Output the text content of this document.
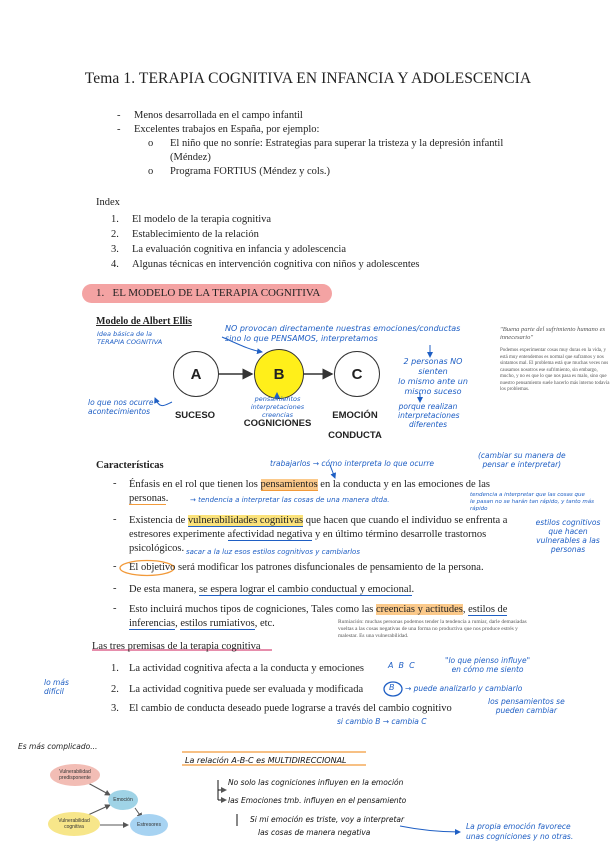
Tema 1. TERAPIA COGNITIVA EN INFANCIA Y ADOLESCENCIA
- Menos desarrollada en el campo infantil
- Excelentes trabajos en España, por ejemplo:
o El niño que no sonríe: Estrategias para superar la tristeza y la depresión infantil
(Méndez)
o Programa FORTIUS (Méndez y cols.)
Index
1. El modelo de la terapia cognitiva
2. Establecimiento de la relación
3. La evaluación cognitiva en infancia y adolescencia
4. Algunas técnicas en intervención cognitiva con niños y adolescentes
1. EL MODELO DE LA TERAPIA COGNITIVA
Modelo de Albert Ellis
Idea básica de la
TERAPIA COGNITIVA
A	B	C
SUCESO
COGNICIONES
EMOCIÓN
CONDUCTA
NO provocan directamente nuestras emociones/conductas
sino lo que PENSAMOS, interpretamos
2 personas NO sienten
lo mismo ante un
mismo suceso
porque realizan
interpretaciones
diferentes
lo que nos ocurre
acontecimientos
pensamientos
interpretaciones
creencias
"Buena parte del sufrimiento humano es innecesario"
Podemos experimentar cosas muy duras en la vida, y está muy entendemos es normal que suframos y nos sintamos mal. El problema está que muchas veces nos causamos nosotros ese sufrimiento, sin embargo, mucho, y no es que lo que nos pasa es malo, sino que nuestro pensamiento suele hacerlo más interno todavía los problemas.
Características	trabajarlos → cómo interpreta lo que ocurre
(cambiar su manera de
pensar e interpretar)
- Énfasis en el rol que tienen los pensamientos en la conducta y en las emociones de las personas.	→ tendencia a interpretar las cosas de una manera dtda.
tendencia a interpretar que las cosas que
le pasan no se harán tan rápido, y tanto más rápido
- Existencia de vulnerabilidades cognitivas que hacen que cuando el individuo se enfrenta a estresores experimente afectividad negativa y en último término desarrolle trastornos psicológicos.
estilos cognitivos
que hacen
vulnerables a las
personas
sacar a la luz esos estilos cognitivos y cambiarlos
- El objetivo será modificar los patrones disfuncionales de pensamiento de la persona.
- De esta manera, se espera lograr el cambio conductual y emocional.
- Esto incluirá muchos tipos de cogniciones, Tales como las creencias y actitudes, estilos de inferencias, estilos rumiativos, etc.	Rumiación: muchas personas podemos tender la tendencia a rumiar, darle demasiadas vueltas a las cosas negativas de una forma no productiva que nos produce estrés y malestar. Es una vulnerabilidad.
Las tres premisas de la terapia cognitiva
1. La actividad cognitiva afecta a la conducta y emociones
2. La actividad cognitiva puede ser evaluada y modificada
3. El cambio de conducta deseado puede lograrse a través del cambio cognitivo
A  B  C
"lo que pienso influye"
en cómo me siento
B → puede analizarlo y cambiarlo
los pensamientos se
pueden cambiar
lo más
difícil
si cambio B → cambia C
Es más complicado...
Vulnerabilidad predisponente
Emoción
Vulnerabilidad cognitiva	Estresores
La relación A-B-C es MULTIDIRECCIONAL
No solo las cogniciones influyen en la emoción
las Emociones tmb. influyen en el pensamiento
Si mi emoción es triste, voy a interpretar
las cosas de manera negativa
La propia emoción favorece
unas cogniciones y no otras.
